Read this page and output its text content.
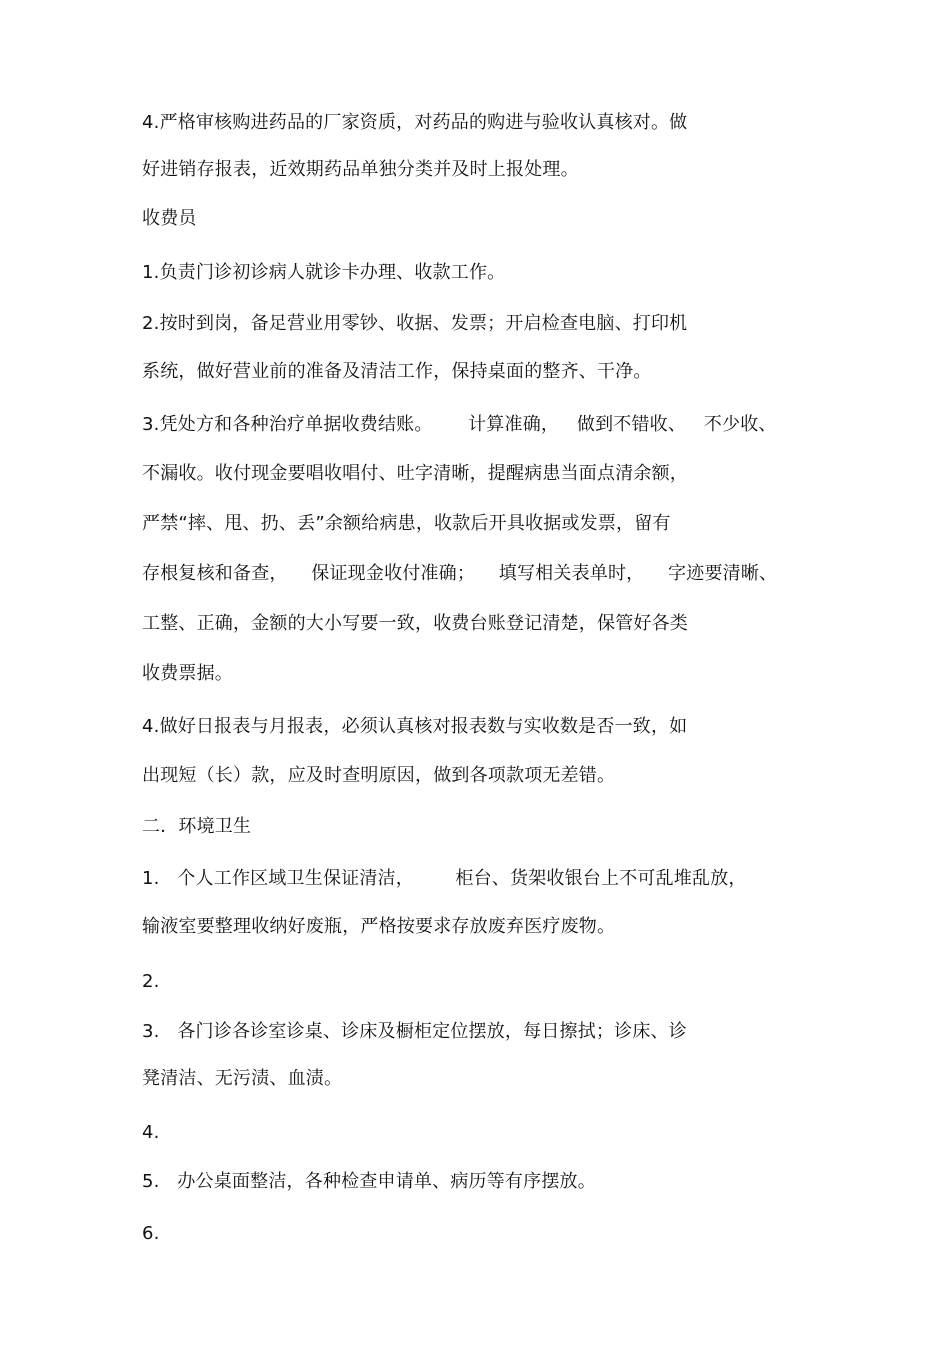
4.严格审核购进药品的厂家资质，对药品的购进与验收认真核对。做
好进销存报表，近效期药品单独分类并及时上报处理。
收费员
1.负责门诊初诊病人就诊卡办理、收款工作。
2.按时到岗，备足营业用零钞、收据、发票；开启检查电脑、打印机
系统，做好营业前的准备及清洁工作，保持桌面的整齐、干净。
3.凭处方和各种治疗单据收费结账。      计算准确，   做到不错收、   不少收、
不漏收。收付现金要唱收唱付、吐字清晰，提醒病患当面点清余额，
严禁“摔、甩、扔、丢”余额给病患，收款后开具收据或发票，留有
存根复核和备查，    保证现金收付准确；    填写相关表单时，    字迹要清晰、
工整、正确，金额的大小写要一致，收费台账登记清楚，保管好各类
收费票据。
4.做好日报表与月报表，必须认真核对报表数与实收数是否一致，如
出现短（长）款，应及时查明原因，做到各项款项无差错。
二．环境卫生
1.   个人工作区域卫生保证清洁，       柜台、货架收银台上不可乱堆乱放，
输液室要整理收纳好废瓶，严格按要求存放废弃医疗废物。
2.
3.   各门诊各诊室诊桌、诊床及橱柜定位摆放，每日擦拭；诊床、诊
凳清洁、无污渍、血渍。
4.
5.   办公桌面整洁，各种检查申请单、病历等有序摆放。
6.
